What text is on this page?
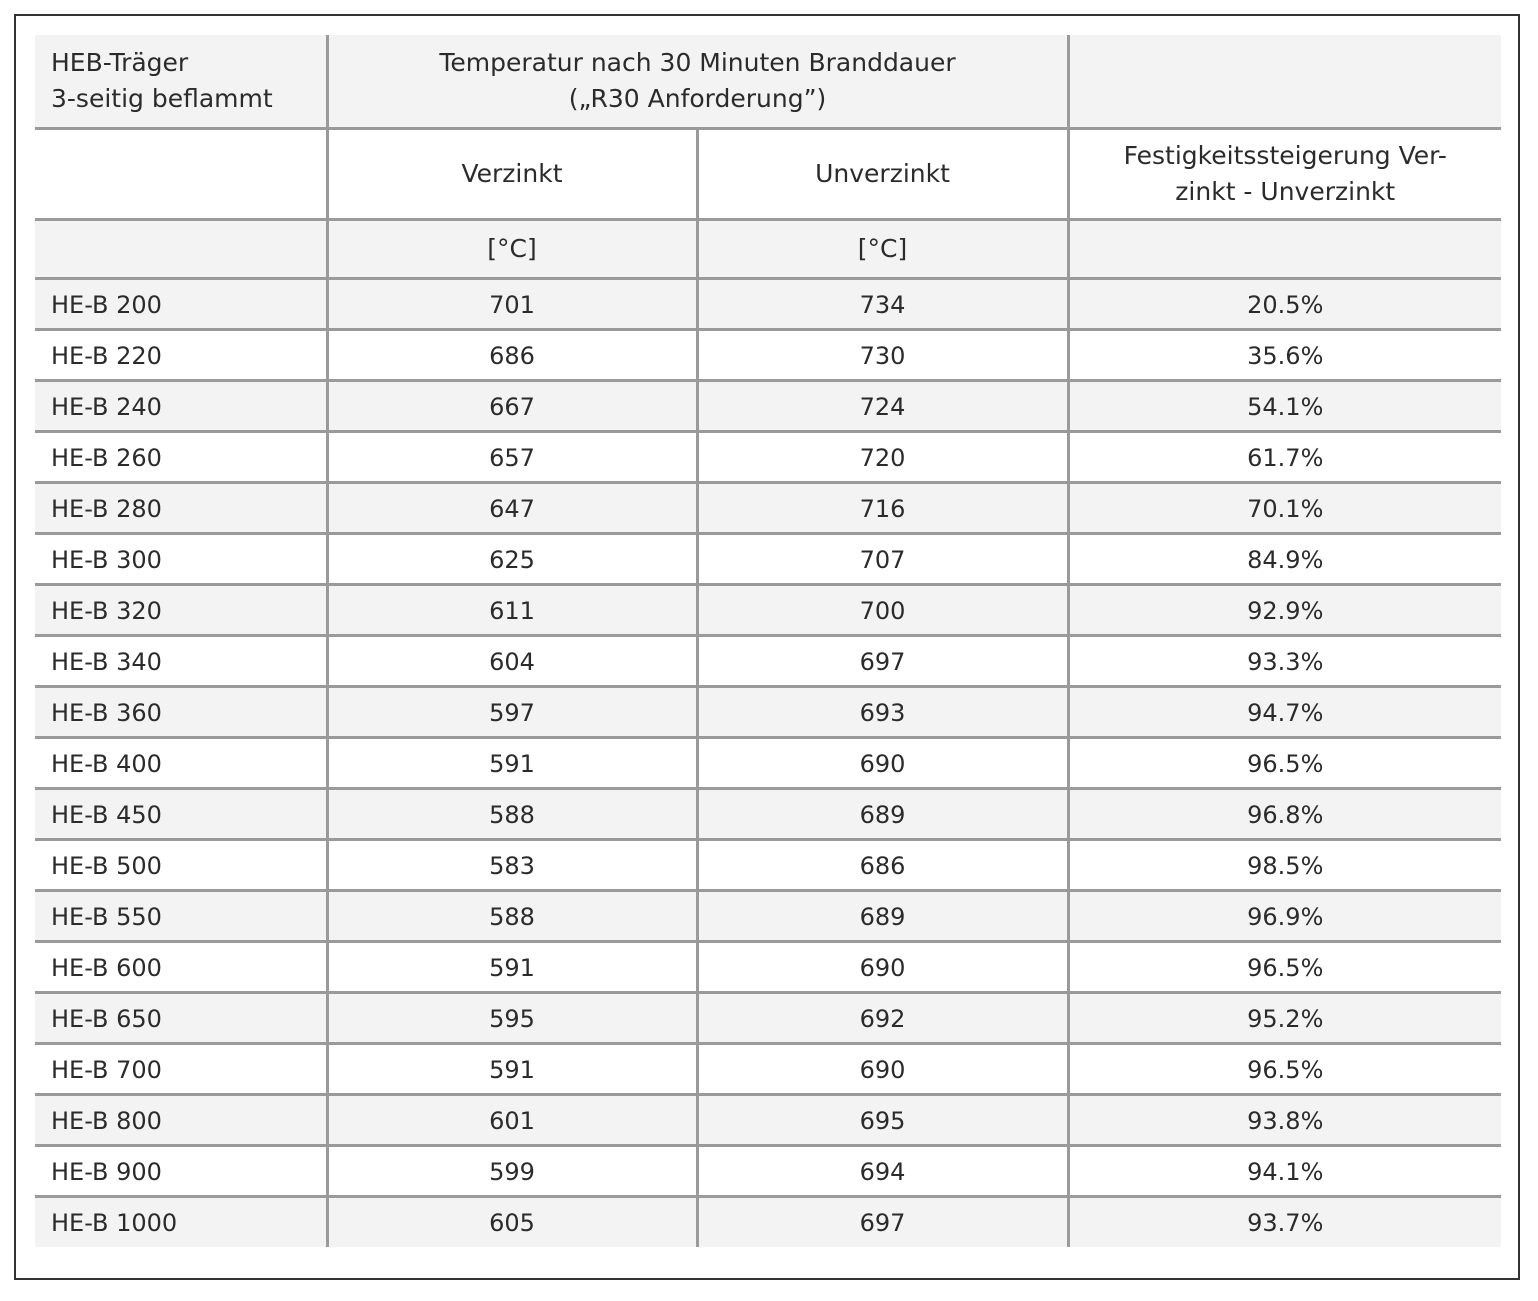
HEB-Träger
3-seitig beflammt	Temperatur nach 30 Minuten Branddauer
(„R30 Anforderung”)		

	Verzinkt	Unverzinkt	Festigkeitssteigerung Ver-
zinkt - Unverzinkt

	[°C]	[°C]	
HE-B 200	701	734	20.5%
HE-B 220	686	730	35.6%
HE-B 240	667	724	54.1%
HE-B 260	657	720	61.7%
HE-B 280	647	716	70.1%
HE-B 300	625	707	84.9%
HE-B 320	611	700	92.9%
HE-B 340	604	697	93.3%
HE-B 360	597	693	94.7%
HE-B 400	591	690	96.5%
HE-B 450	588	689	96.8%
HE-B 500	583	686	98.5%
HE-B 550	588	689	96.9%
HE-B 600	591	690	96.5%
HE-B 650	595	692	95.2%
HE-B 700	591	690	96.5%
HE-B 800	601	695	93.8%
HE-B 900	599	694	94.1%
HE-B 1000	605	697	93.7%
